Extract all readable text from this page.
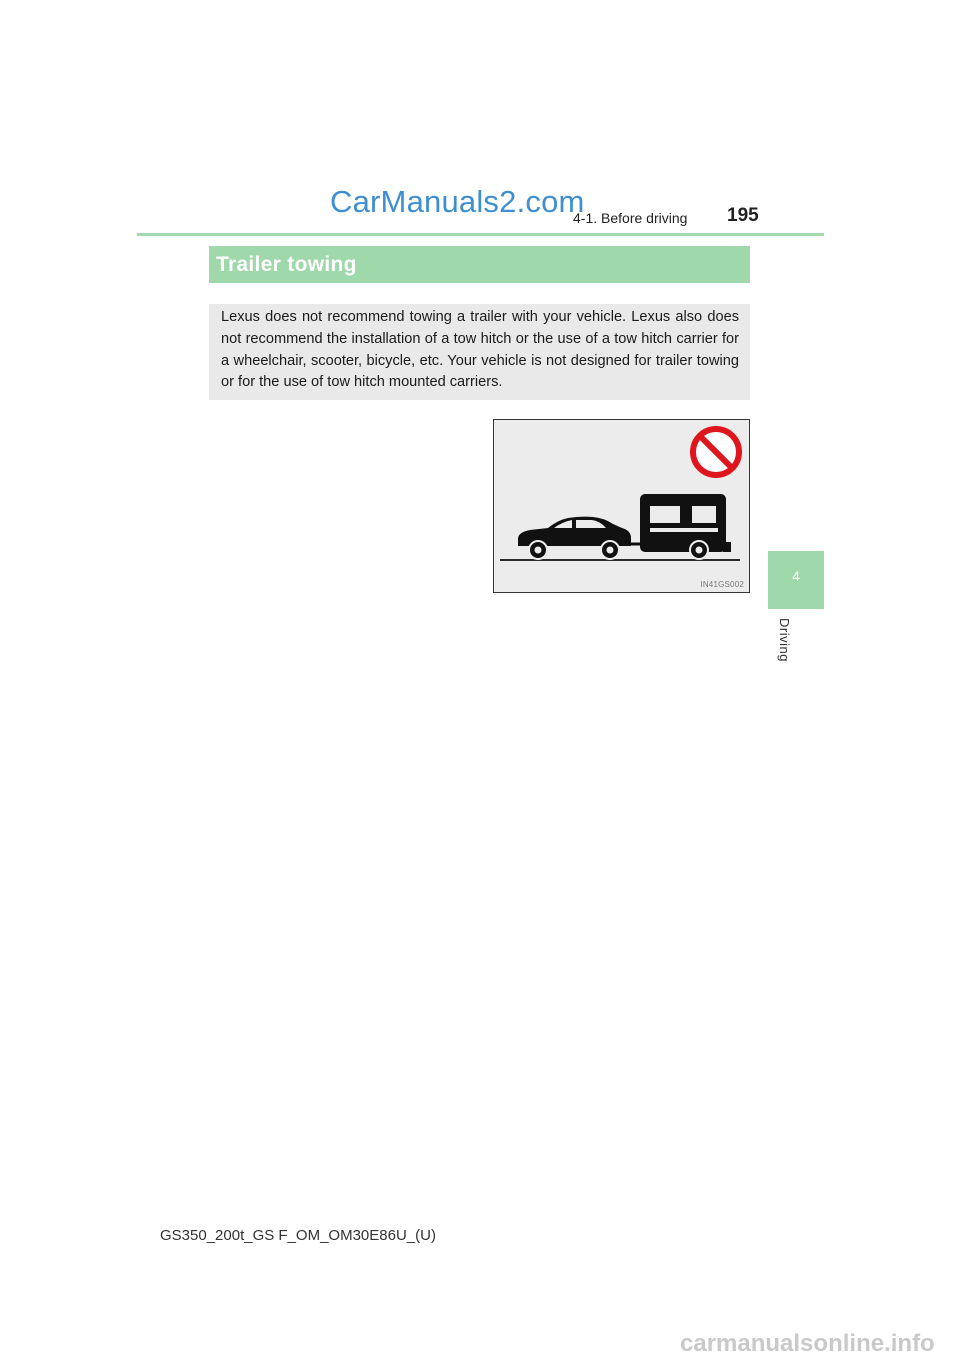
CarManuals2.com
4-1. Before driving 195
Trailer towing

Lexus does not recommend towing a trailer with your vehicle. Lexus also does not recommend the installation of a tow hitch or the use of a tow hitch carrier for a wheelchair, scooter, bicycle, etc. Your vehicle is not designed for trailer towing or for the use of tow hitch mounted carriers.

IN41GS002
4
Driving
GS350_200t_GS F_OM_OM30E86U_(U)
carmanualsonline.info
